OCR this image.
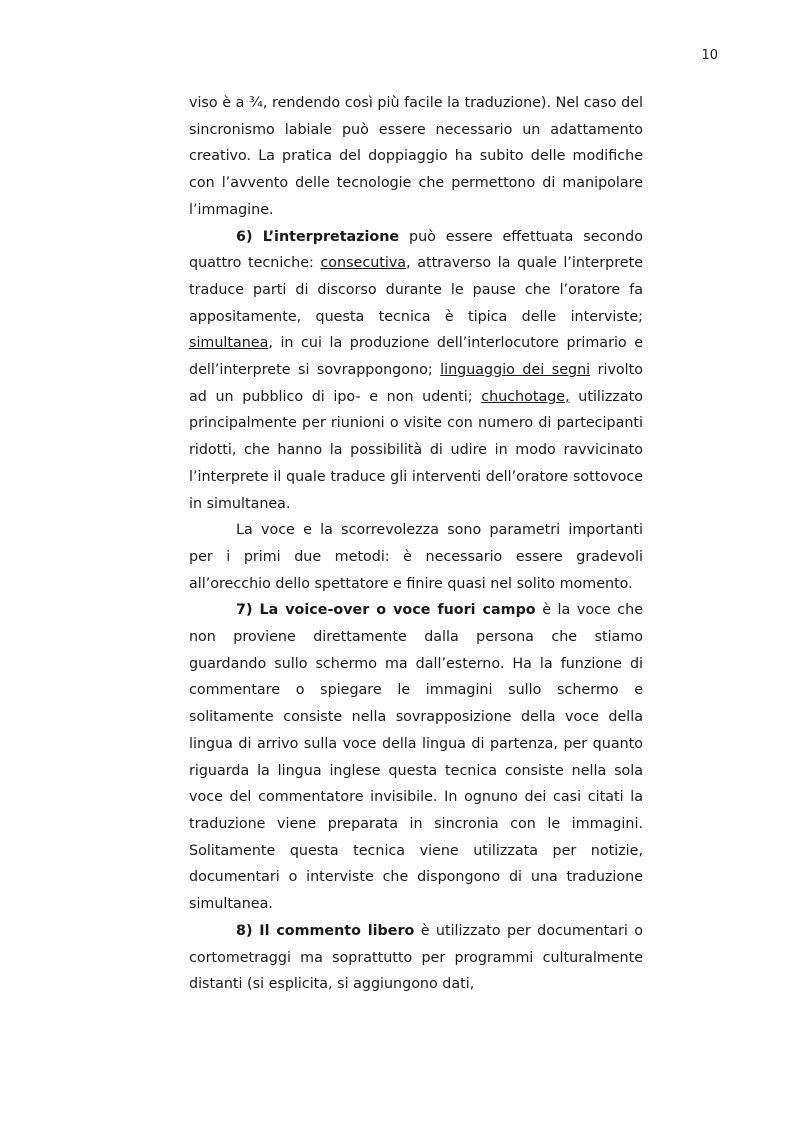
10

viso è a ¾, rendendo così più facile la traduzione). Nel caso del sincronismo labiale può essere necessario un adattamento creativo. La pratica del doppiaggio ha subito delle modifiche con l’avvento delle tecnologie che permettono di manipolare l’immagine.

6) L’interpretazione può essere effettuata secondo quattro tecniche: consecutiva, attraverso la quale l’interprete traduce parti di discorso durante le pause che l’oratore fa appositamente, questa tecnica è tipica delle interviste; simultanea, in cui la produzione dell’interlocutore primario e dell’interprete si sovrappongono; linguaggio dei segni rivolto ad un pubblico di ipo- e non udenti; chuchotage, utilizzato principalmente per riunioni o visite con numero di partecipanti ridotti, che hanno la possibilità di udire in modo ravvicinato l’interprete il quale traduce gli interventi dell’oratore sottovoce in simultanea.

La voce e la scorrevolezza sono parametri importanti per i primi due metodi: è necessario essere gradevoli all’orecchio dello spettatore e finire quasi nel solito momento.

7) La voice-over o voce fuori campo è la voce che non proviene direttamente dalla persona che stiamo guardando sullo schermo ma dall’esterno. Ha la funzione di commentare o spiegare le immagini sullo schermo e solitamente consiste nella sovrapposizione della voce della lingua di arrivo sulla voce della lingua di partenza, per quanto riguarda la lingua inglese questa tecnica consiste nella sola voce del commentatore invisibile. In ognuno dei casi citati la traduzione viene preparata in sincronia con le immagini. Solitamente questa tecnica viene utilizzata per notizie, documentari o interviste che dispongono di una traduzione simultanea.

8) Il commento libero è utilizzato per documentari o cortometraggi ma soprattutto per programmi culturalmente distanti (si esplicita, si aggiungono dati,
